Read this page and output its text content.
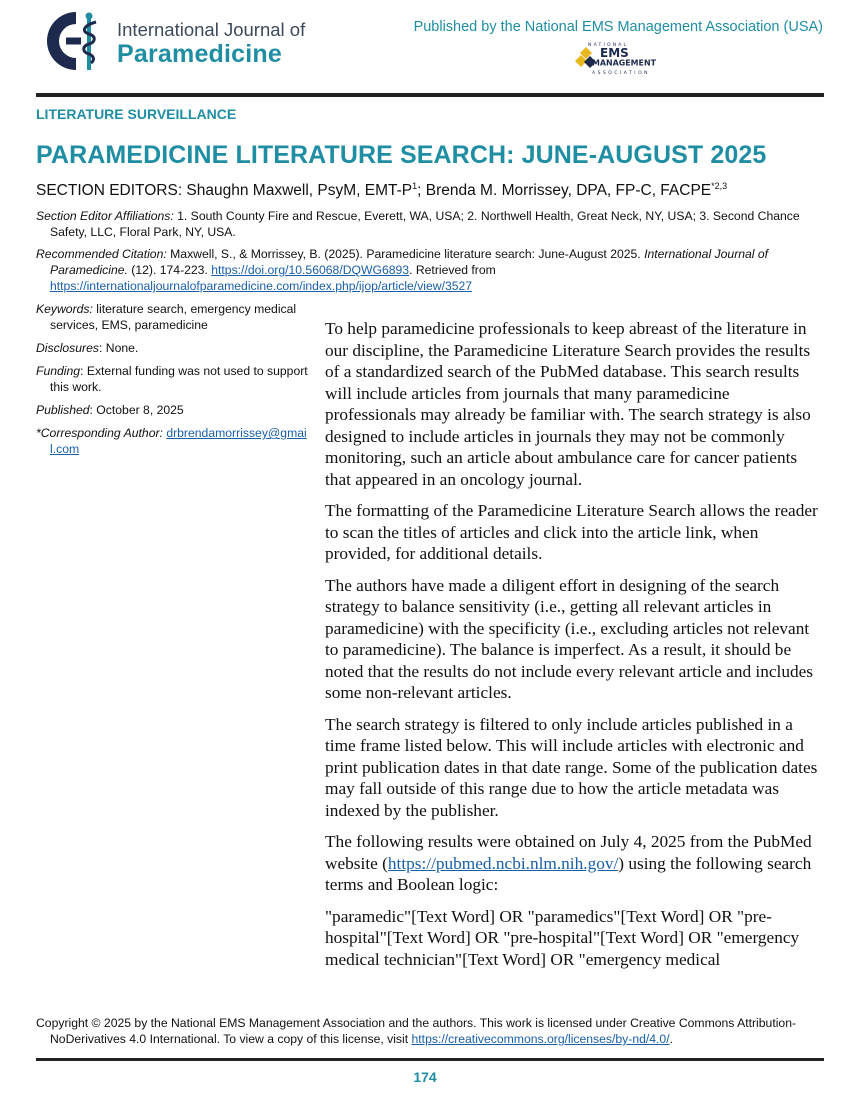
International Journal of
Paramedicine
Published by the National EMS Management Association (USA)
NATIONAL
EMS
MANAGEMENT
ASSOCIATION
LITERATURE SURVEILLANCE
PARAMEDICINE LITERATURE SEARCH: JUNE-AUGUST 2025
SECTION EDITORS: Shaughn Maxwell, PsyM, EMT-$P^1$; Brenda M. Morrissey, DPA, FP-C, FACPE$^{*2,3}$
Section Editor Affiliations: 1. South County Fire and Rescue, Everett, WA, USA; 2. Northwell Health, Great Neck, NY, USA; 3. Second Chance Safety, LLC, Floral Park, NY, USA.
Recommended Citation: Maxwell, S., & Morrissey, B. (2025). Paramedicine literature search: June-August 2025. International Journal of Paramedicine. (12). 174-223. https://doi.org/10.56068/DQWG6893. Retrieved from https://internationaljournalofparamedicine.com/index.php/ijop/article/view/3527
Keywords: literature search, emergency medical services, EMS, paramedicine
Disclosures: None.
Funding: External funding was not used to support this work.
Published: October 8, 2025
*Corresponding Author: drbrendamorrissey@gmail.com

To help paramedicine professionals to keep abreast of the literature in our discipline, the Paramedicine Literature Search provides the results of a standardized search of the PubMed database. This search results will include articles from journals that many paramedicine professionals may already be familiar with. The search strategy is also designed to include articles in journals they may not be commonly monitoring, such an article about ambulance care for cancer patients that appeared in an oncology journal.

The formatting of the Paramedicine Literature Search allows the reader to scan the titles of articles and click into the article link, when provided, for additional details.

The authors have made a diligent effort in designing of the search strategy to balance sensitivity (i.e., getting all relevant articles in paramedicine) with the specificity (i.e., excluding articles not relevant to paramedicine). The balance is imperfect. As a result, it should be noted that the results do not include every relevant article and includes some non-relevant articles.

The search strategy is filtered to only include articles published in a time frame listed below. This will include articles with electronic and print publication dates in that date range. Some of the publication dates may fall outside of this range due to how the article metadata was indexed by the publisher.

The following results were obtained on July 4, 2025 from the PubMed website (https://pubmed.ncbi.nlm.nih.gov/) using the following search terms and Boolean logic:

"paramedic"[Text Word] OR "paramedics"[Text Word] OR "pre-hospital"[Text Word] OR "pre-hospital"[Text Word] OR "emergency medical technician"[Text Word] OR "emergency medical

Copyright © 2025 by the National EMS Management Association and the authors. This work is licensed under Creative Commons Attribution-NoDerivatives 4.0 International. To view a copy of this license, visit https://creativecommons.org/licenses/by-nd/4.0/.
174
